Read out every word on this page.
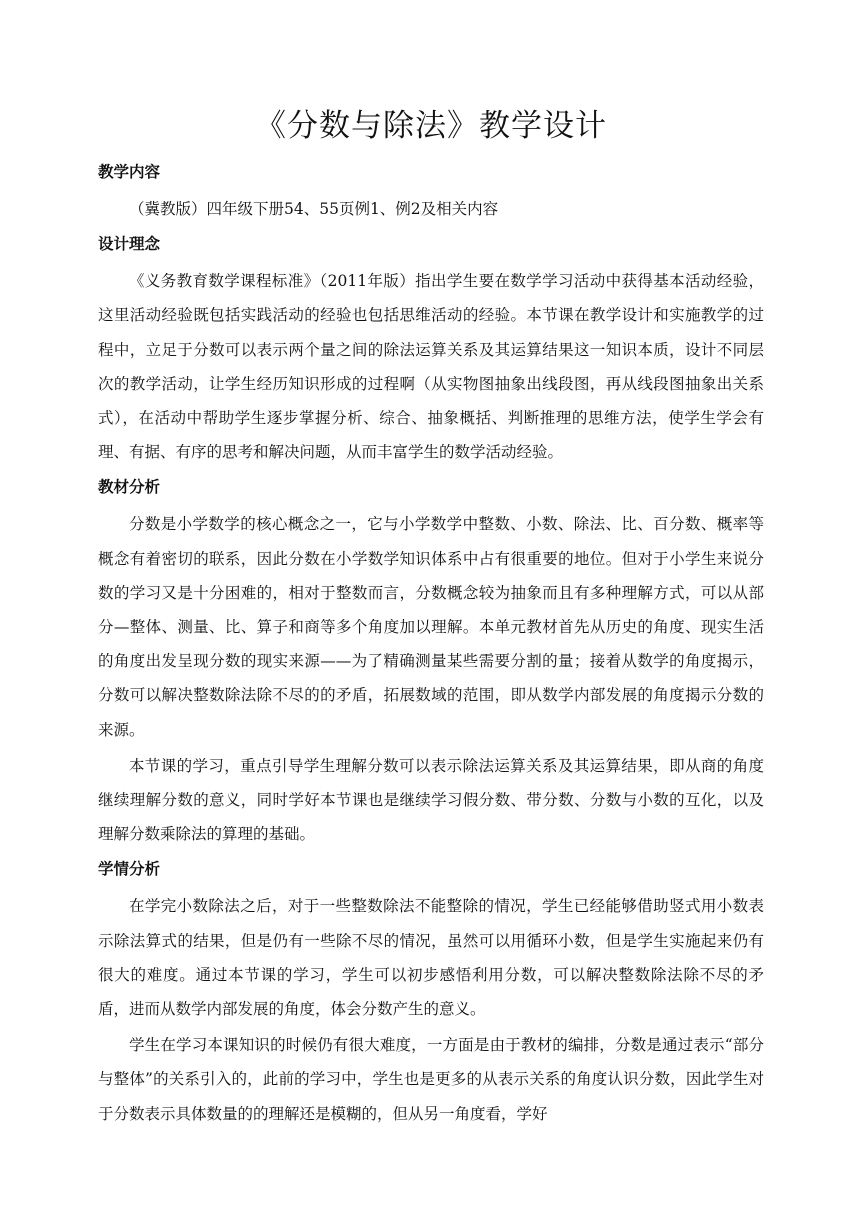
《分数与除法》教学设计
教学内容

（冀教版）四年级下册54、55页例1、例2及相关内容

设计理念

《义务教育数学课程标准》（2011年版）指出学生要在数学学习活动中获得基本活动经验，这里活动经验既包括实践活动的经验也包括思维活动的经验。本节课在教学设计和实施教学的过程中，立足于分数可以表示两个量之间的除法运算关系及其运算结果这一知识本质，设计不同层次的教学活动，让学生经历知识形成的过程啊（从实物图抽象出线段图，再从线段图抽象出关系式），在活动中帮助学生逐步掌握分析、综合、抽象概括、判断推理的思维方法，使学生学会有理、有据、有序的思考和解决问题，从而丰富学生的数学活动经验。

教材分析

分数是小学数学的核心概念之一，它与小学数学中整数、小数、除法、比、百分数、概率等概念有着密切的联系，因此分数在小学数学知识体系中占有很重要的地位。但对于小学生来说分数的学习又是十分困难的，相对于整数而言，分数概念较为抽象而且有多种理解方式，可以从部分—整体、测量、比、算子和商等多个角度加以理解。本单元教材首先从历史的角度、现实生活的角度出发呈现分数的现实来源——为了精确测量某些需要分割的量；接着从数学的角度揭示，分数可以解决整数除法除不尽的的矛盾，拓展数域的范围，即从数学内部发展的角度揭示分数的来源。

本节课的学习，重点引导学生理解分数可以表示除法运算关系及其运算结果，即从商的角度继续理解分数的意义，同时学好本节课也是继续学习假分数、带分数、分数与小数的互化，以及理解分数乘除法的算理的基础。

学情分析

在学完小数除法之后，对于一些整数除法不能整除的情况，学生已经能够借助竖式用小数表示除法算式的结果，但是仍有一些除不尽的情况，虽然可以用循环小数，但是学生实施起来仍有很大的难度。通过本节课的学习，学生可以初步感悟利用分数，可以解决整数除法除不尽的矛盾，进而从数学内部发展的角度，体会分数产生的意义。

学生在学习本课知识的时候仍有很大难度，一方面是由于教材的编排，分数是通过表示“部分与整体”的关系引入的，此前的学习中，学生也是更多的从表示关系的角度认识分数，因此学生对于分数表示具体数量的的理解还是模糊的，但从另一角度看，学好
